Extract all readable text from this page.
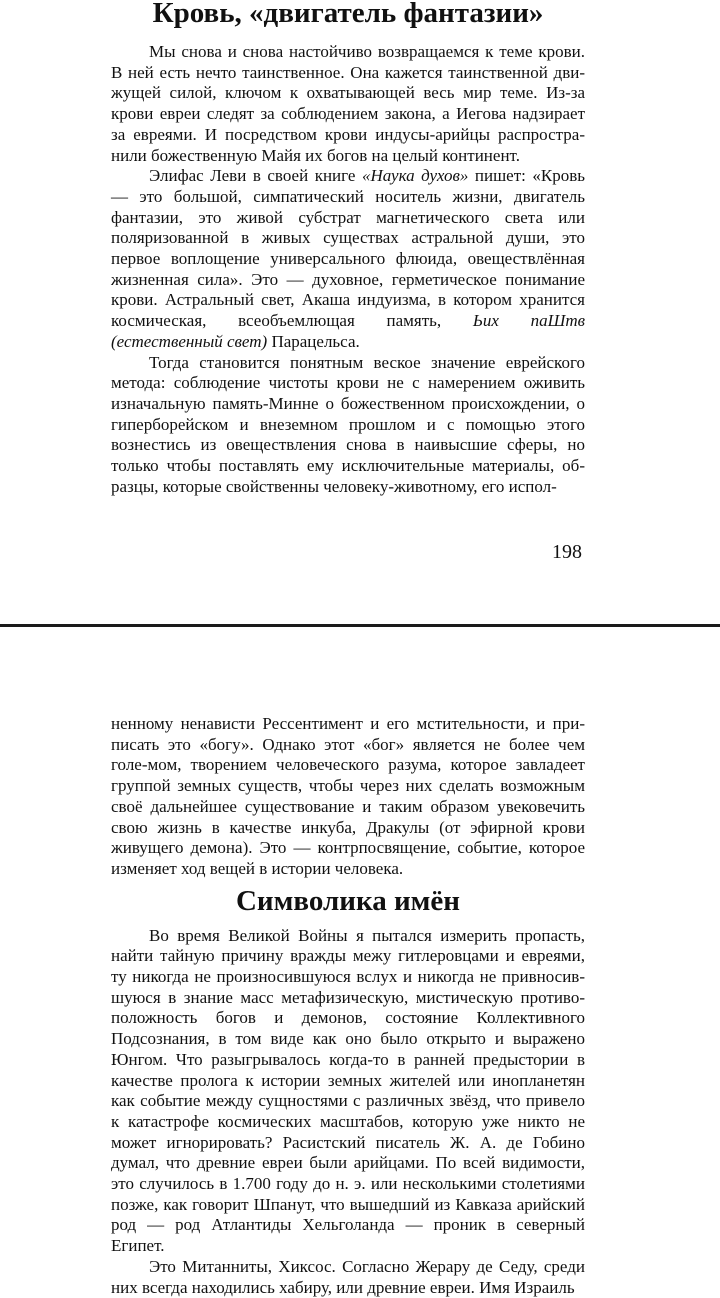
Кровь, «двигатель фантазии»

Мы снова и снова настойчиво возвращаемся к теме крови. В ней есть нечто таинственное. Она кажется таинственной движущей силой, ключом к охватывающей весь мир теме. Из-за крови евреи следят за соблюдением закона, а Иегова надзирает за евреями. И посредством крови индусы-арийцы распространили божественную Майя их богов на целый континент.

Элифас Леви в своей книге «Наука духов» пишет: «Кровь — это большой, симпатический носитель жизни, двигатель фантазии, это живой субстрат магнетического света или поляризованной в живых существах астральной души, это первое воплощение универсального флюида, овеществлённая жизненная сила». Это — духовное, герметическое понимание крови. Астральный свет, Акаша индуизма, в котором хранится космическая, всеобъемлющая память, Ьих паШтв (естественный свет) Парацельса.

Тогда становится понятным веское значение еврейского метода: соблюдение чистоты крови не с намерением оживить изначальную память-Минне о божественном происхождении, о гиперборейском и внеземном прошлом и с помощью этого вознестись из овеществления снова в наивысшие сферы, но только чтобы поставлять ему исключительные материалы, образцы, которые свойственны человеку-животному, его испол-

198

ненному ненависти Рессентимент и его мстительности, и приписать это «богу». Однако этот «бог» является не более чем голе-мом, творением человеческого разума, которое завладеет группой земных существ, чтобы через них сделать возможным своё дальнейшее существование и таким образом увековечить свою жизнь в качестве инкуба, Дракулы (от эфирной крови живущего демона). Это — контрпосвящение, событие, которое изменяет ход вещей в истории человека.

Символика имён

Во время Великой Войны я пытался измерить пропасть, найти тайную причину вражды межу гитлеровцами и евреями, ту никогда не произносившуюся вслух и никогда не привносившуюся в знание масс метафизическую, мистическую противоположность богов и демонов, состояние Коллективного Подсознания, в том виде как оно было открыто и выражено Юнгом. Что разыгрывалось когда-то в ранней предыстории в качестве пролога к истории земных жителей или инопланетян как событие между сущностями с различных звёзд, что привело к катастрофе космических масштабов, которую уже никто не может игнорировать? Расистский писатель Ж. А. де Гобино думал, что древние евреи были арийцами. По всей видимости, это случилось в 1.700 году до н. э. или несколькими столетиями позже, как говорит Шпанут, что вышедший из Кавказа арийский род — род Атлантиды Хельголанда — проник в северный Египет.

Это Митанниты, Хиксос. Согласно Жерару де Седу, среди них всегда находились хабиру, или древние евреи. Имя Израиль
